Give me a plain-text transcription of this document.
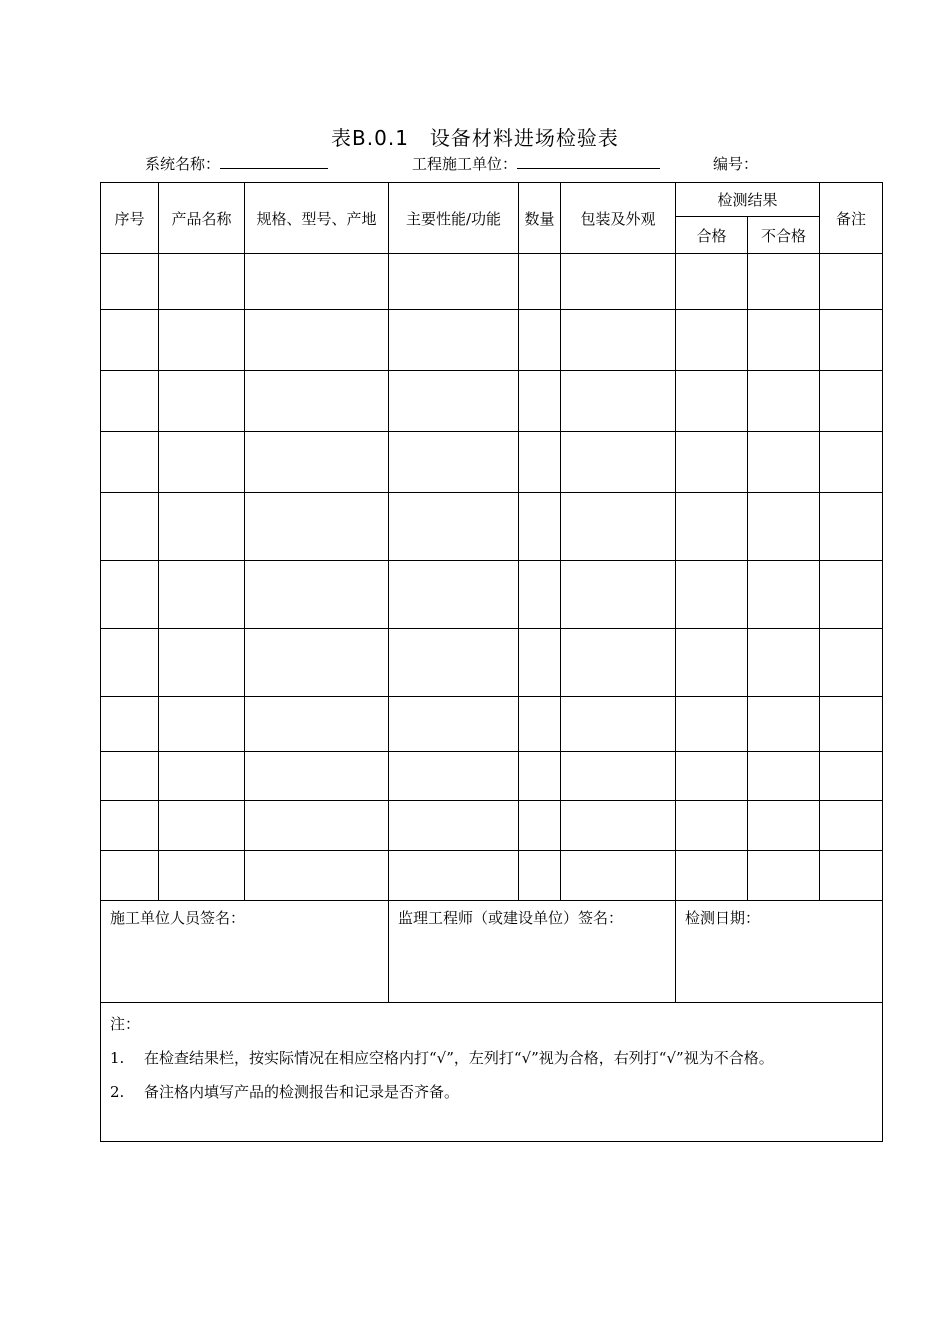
表B.0.1　设备材料进场检验表
系统名称：	工程施工单位：	编号：
序号	产品名称	规格、型号、产地	主要性能/功能	数量	包装及外观	检测结果		备注
						合格	不合格	

施工单位人员签名：			监理工程师（或建设单位）签名：			检测日期：		

注：
1. 在检查结果栏，按实际情况在相应空格内打“√”，左列打“√”视为合格，右列打“√”视为不合格。
2. 备注格内填写产品的检测报告和记录是否齐备。								
